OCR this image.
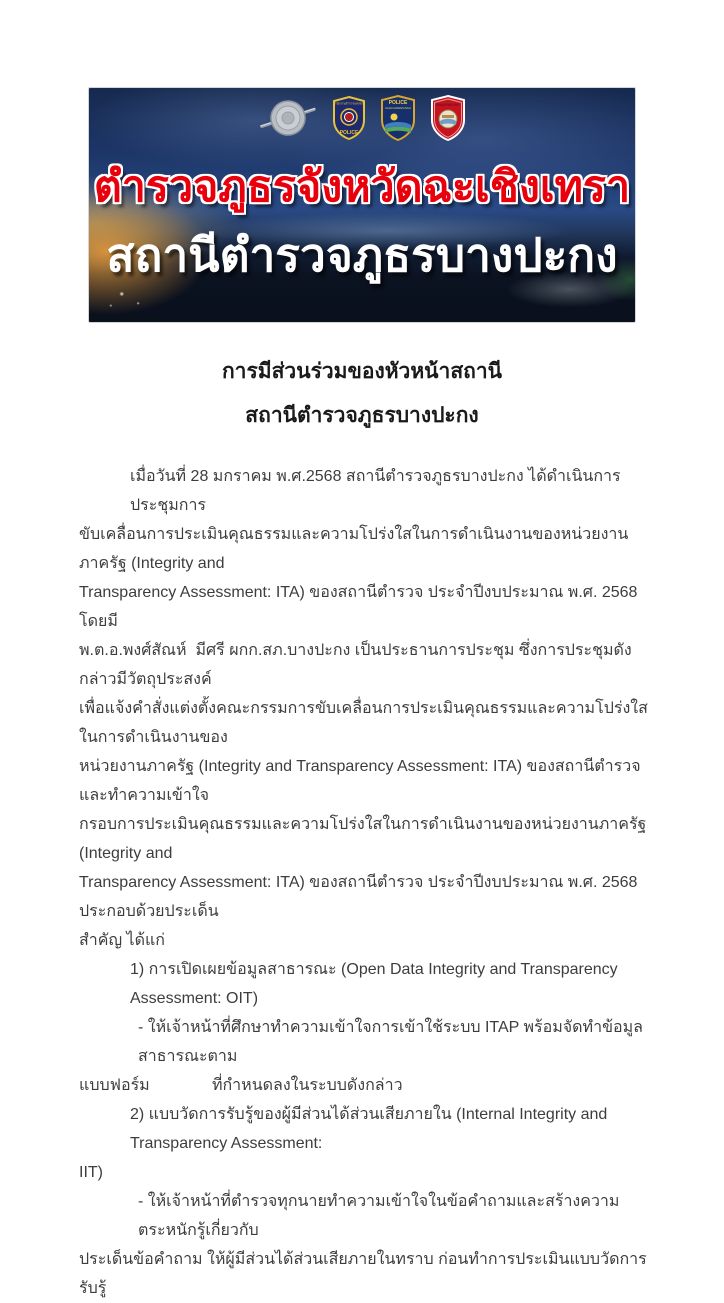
สำนักงานตำรวจแห่งชาติ
POLICE
POLICE
CHACHOENGSAO
BANGPAKONG
ตำรวจภูธรจังหวัดฉะเชิงเทรา
สถานีตำรวจภูธรบางปะกง
การมีส่วนร่วมของหัวหน้าสถานี
สถานีตำรวจภูธรบางปะกง
เมื่อวันที่ 28 มกราคม พ.ศ.2568 สถานีตำรวจภูธรบางปะกง ได้ดำเนินการประชุมการ
ขับเคลื่อนการประเมินคุณธรรมและความโปร่งใสในการดำเนินงานของหน่วยงานภาครัฐ (Integrity and
Transparency Assessment: ITA) ของสถานีตำรวจ ประจำปีงบประมาณ พ.ศ. 2568 โดยมี
พ.ต.อ.พงศ์สัณห์  มีศรี ผกก.สภ.บางปะกง เป็นประธานการประชุม ซึ่งการประชุมดังกล่าวมีวัตถุประสงค์
เพื่อแจ้งคำสั่งแต่งตั้งคณะกรรมการขับเคลื่อนการประเมินคุณธรรมและความโปร่งใสในการดำเนินงานของ
หน่วยงานภาครัฐ (Integrity and Transparency Assessment: ITA) ของสถานีตำรวจ และทำความเข้าใจ
กรอบการประเมินคุณธรรมและความโปร่งใสในการดำเนินงานของหน่วยงานภาครัฐ (Integrity and
Transparency Assessment: ITA) ของสถานีตำรวจ ประจำปีงบประมาณ พ.ศ. 2568 ประกอบด้วยประเด็น
สำคัญ ได้แก่
1) การเปิดเผยข้อมูลสาธารณะ (Open Data Integrity and Transparency Assessment: OIT)
- ให้เจ้าหน้าที่ศึกษาทำความเข้าใจการเข้าใช้ระบบ ITAP พร้อมจัดทำข้อมูลสาธารณะตาม
แบบฟอร์ม              ที่กำหนดลงในระบบดังกล่าว
2) แบบวัดการรับรู้ของผู้มีส่วนได้ส่วนเสียภายใน (Internal Integrity and Transparency Assessment:
IIT)
- ให้เจ้าหน้าที่ตำรวจทุกนายทำความเข้าใจในข้อคำถามและสร้างความตระหนักรู้เกี่ยวกับ
ประเด็นข้อคำถาม ให้ผู้มีส่วนได้ส่วนเสียภายในทราบ ก่อนทำการประเมินแบบวัดการรับรู้
